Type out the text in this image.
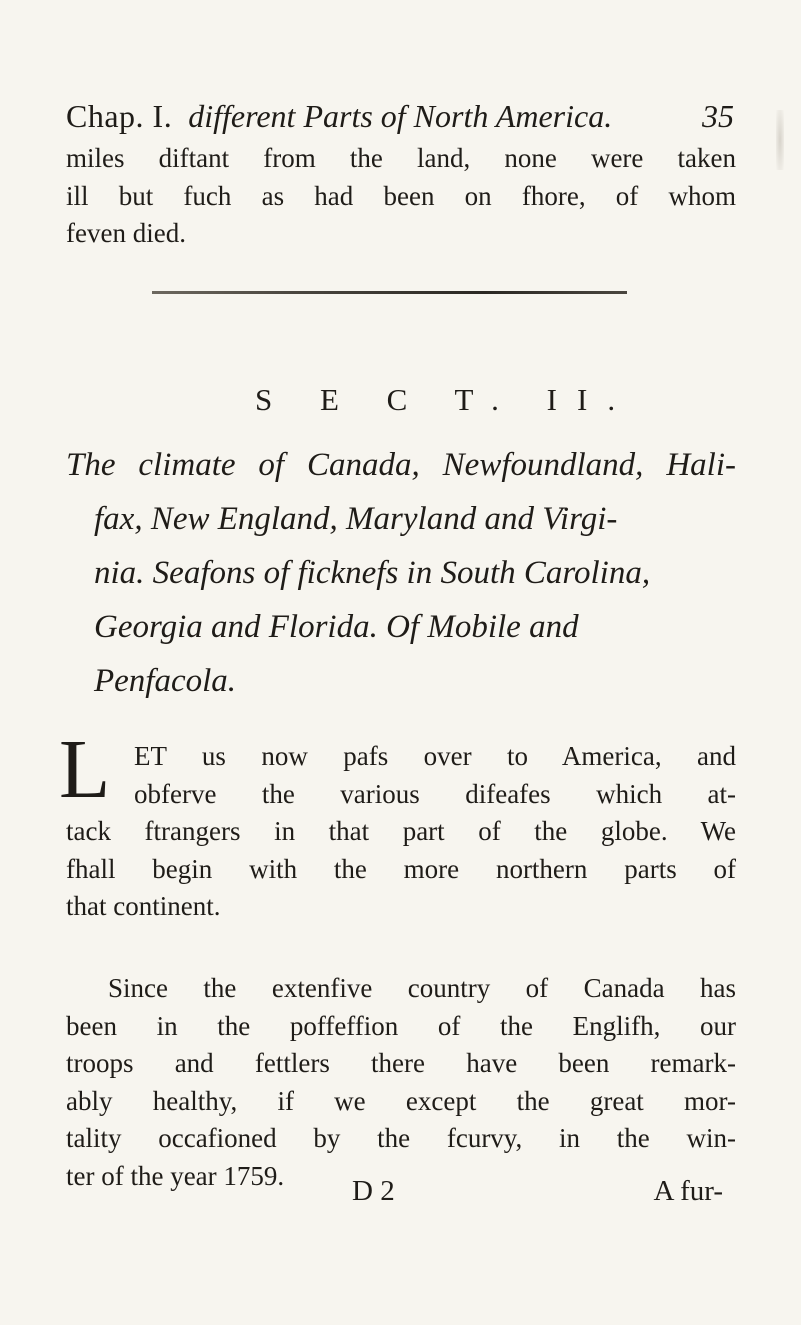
Chap. I. different Parts of North America.	35
miles diftant from the land, none were taken
ill but fuch as had been on fhore, of whom
feven died.
S E C T. II.
The climate of Canada, Newfoundland, Hali-
fax, New England, Maryland and Virgi-
nia. Seafons of ficknefs in South Carolina,
Georgia and Florida. Of Mobile and
Penfacola.
L ET us now pafs over to America, and
obferve the various difeafes which at-
tack ftrangers in that part of the globe. We
fhall begin with the more northern parts of
that continent.
Since the extenfive country of Canada has
been in the poffeffion of the Englifh, our
troops and fettlers there have been remark-
ably healthy, if we except the great mor-
tality occafioned by the fcurvy, in the win-
ter of the year 1759.	D 2	A fur-
